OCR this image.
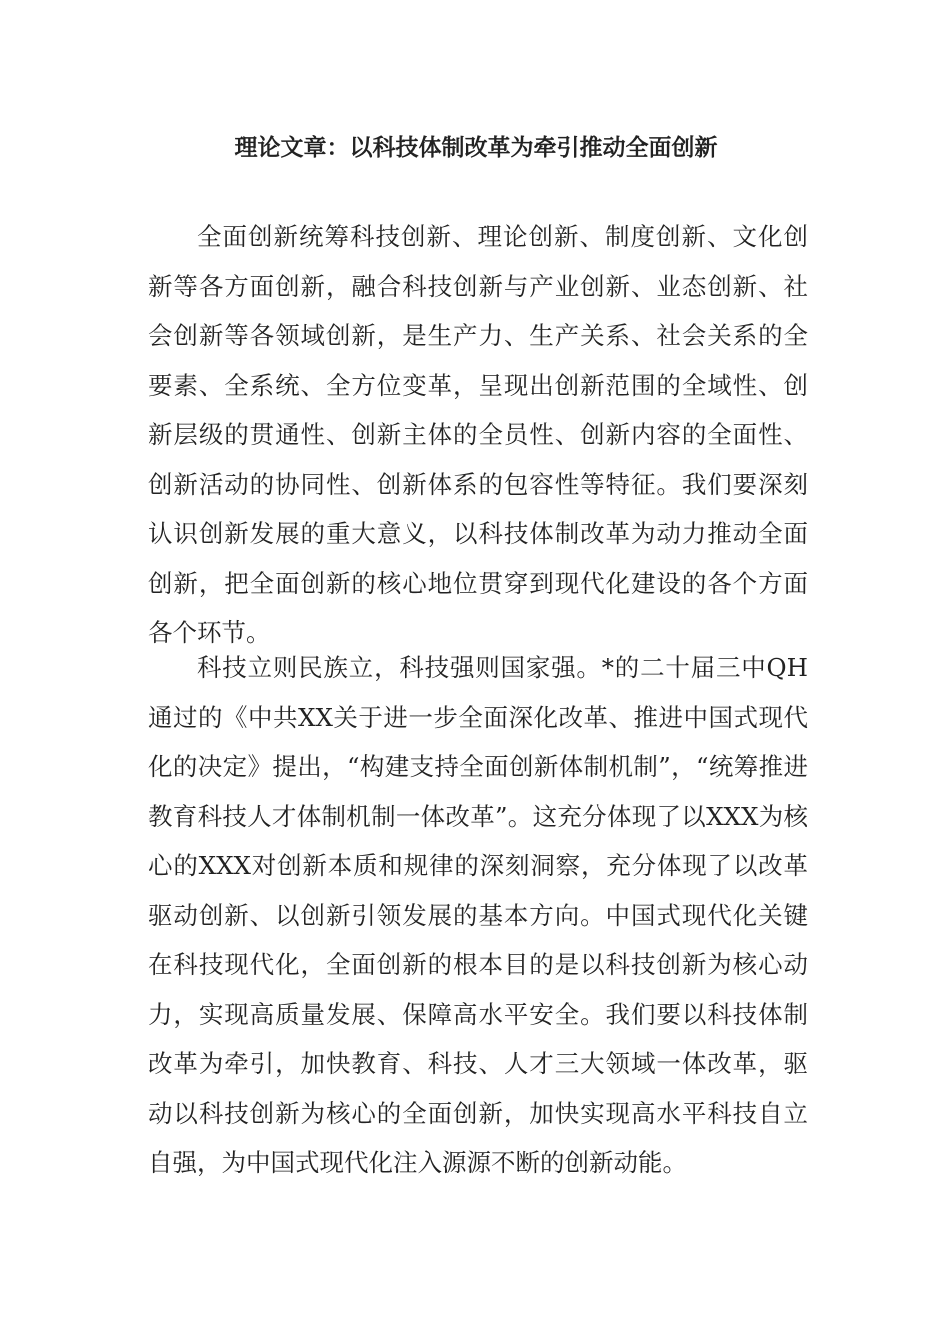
理论文章：以科技体制改革为牵引推动全面创新

全面创新统筹科技创新、理论创新、制度创新、文化创新等各方面创新，融合科技创新与产业创新、业态创新、社会创新等各领域创新，是生产力、生产关系、社会关系的全要素、全系统、全方位变革，呈现出创新范围的全域性、创新层级的贯通性、创新主体的全员性、创新内容的全面性、创新活动的协同性、创新体系的包容性等特征。我们要深刻认识创新发展的重大意义，以科技体制改革为动力推动全面创新，把全面创新的核心地位贯穿到现代化建设的各个方面各个环节。

科技立则民族立，科技强则国家强。*的二十届三中QH通过的《中共XX关于进一步全面深化改革、推进中国式现代化的决定》提出，“构建支持全面创新体制机制”，“统筹推进教育科技人才体制机制一体改革”。这充分体现了以XXX为核心的XXX对创新本质和规律的深刻洞察，充分体现了以改革驱动创新、以创新引领发展的基本方向。中国式现代化关键在科技现代化，全面创新的根本目的是以科技创新为核心动力，实现高质量发展、保障高水平安全。我们要以科技体制改革为牵引，加快教育、科技、人才三大领域一体改革，驱动以科技创新为核心的全面创新，加快实现高水平科技自立自强，为中国式现代化注入源源不断的创新动能。
